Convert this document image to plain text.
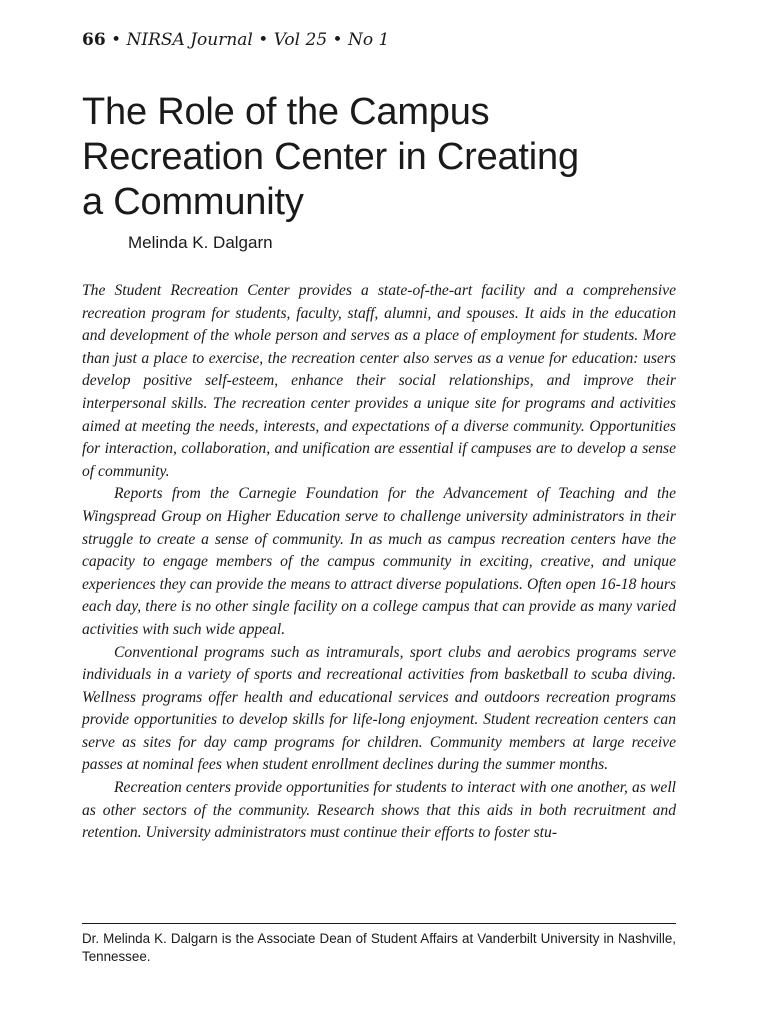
66 • NIRSA Journal • Vol 25 • No 1
The Role of the Campus
Recreation Center in Creating
a Community
Melinda K. Dalgarn

The Student Recreation Center provides a state-of-the-art facility and a comprehensive recreation program for students, faculty, staff, alumni, and spouses. It aids in the education and development of the whole person and serves as a place of employment for students. More than just a place to exercise, the recreation center also serves as a venue for education: users develop positive self-esteem, enhance their social relationships, and improve their interpersonal skills. The recreation center provides a unique site for programs and activities aimed at meeting the needs, interests, and expectations of a diverse community. Opportunities for interaction, collaboration, and unification are essential if campuses are to develop a sense of community.

Reports from the Carnegie Foundation for the Advancement of Teaching and the Wingspread Group on Higher Education serve to challenge university administrators in their struggle to create a sense of community. In as much as campus recreation centers have the capacity to engage members of the campus community in exciting, creative, and unique experiences they can provide the means to attract diverse populations. Often open 16-18 hours each day, there is no other single facility on a college campus that can provide as many varied activities with such wide appeal.

Conventional programs such as intramurals, sport clubs and aerobics programs serve individuals in a variety of sports and recreational activities from basketball to scuba diving. Wellness programs offer health and educational services and outdoors recreation programs provide opportunities to develop skills for life-long enjoyment. Student recreation centers can serve as sites for day camp programs for children. Community members at large receive passes at nominal fees when student enrollment declines during the summer months.

Recreation centers provide opportunities for students to interact with one another, as well as other sectors of the community. Research shows that this aids in both recruitment and retention. University administrators must continue their efforts to foster stu-

Dr. Melinda K. Dalgarn is the Associate Dean of Student Affairs at Vanderbilt University in Nashville, Tennessee.
